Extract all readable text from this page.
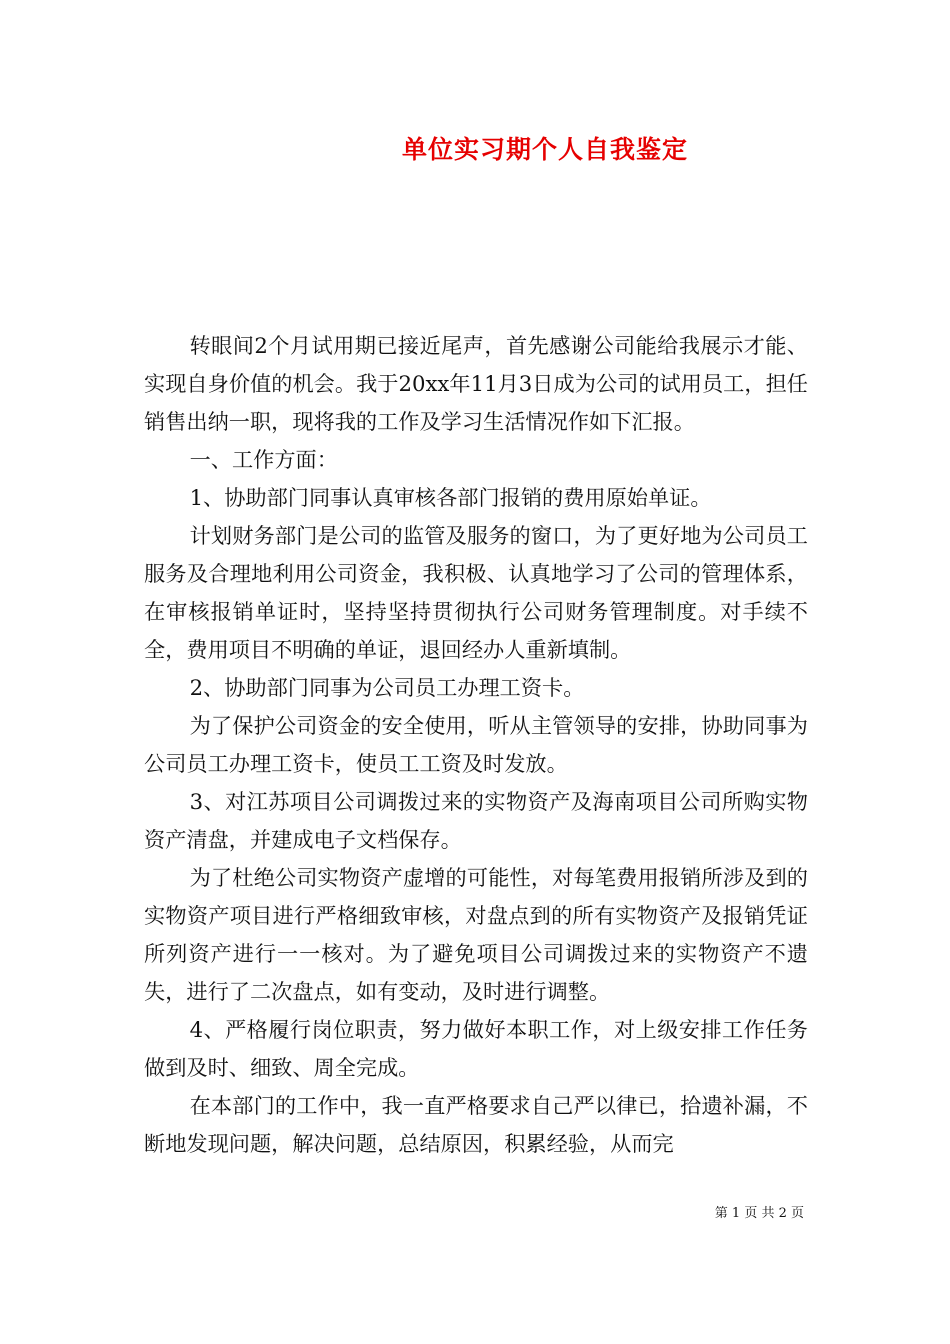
单位实习期个人自我鉴定

转眼间2个月试用期已接近尾声，首先感谢公司能给我展示才能、实现自身价值的机会。我于20xx年11月3日成为公司的试用员工，担任销售出纳一职，现将我的工作及学习生活情况作如下汇报。

一、工作方面：

1、协助部门同事认真审核各部门报销的费用原始单证。

计划财务部门是公司的监管及服务的窗口，为了更好地为公司员工服务及合理地利用公司资金，我积极、认真地学习了公司的管理体系，在审核报销单证时，坚持坚持贯彻执行公司财务管理制度。对手续不全，费用项目不明确的单证，退回经办人重新填制。

2、协助部门同事为公司员工办理工资卡。

为了保护公司资金的安全使用，听从主管领导的安排，协助同事为公司员工办理工资卡，使员工工资及时发放。

3、对江苏项目公司调拨过来的实物资产及海南项目公司所购实物资产清盘，并建成电子文档保存。

为了杜绝公司实物资产虚增的可能性，对每笔费用报销所涉及到的实物资产项目进行严格细致审核，对盘点到的所有实物资产及报销凭证所列资产进行一一核对。为了避免项目公司调拨过来的实物资产不遗失，进行了二次盘点，如有变动，及时进行调整。

4、严格履行岗位职责，努力做好本职工作，对上级安排工作任务做到及时、细致、周全完成。

在本部门的工作中，我一直严格要求自己严以律已，拾遗补漏，不断地发现问题，解决问题，总结原因，积累经验，从而完

第 1 页 共 2 页
